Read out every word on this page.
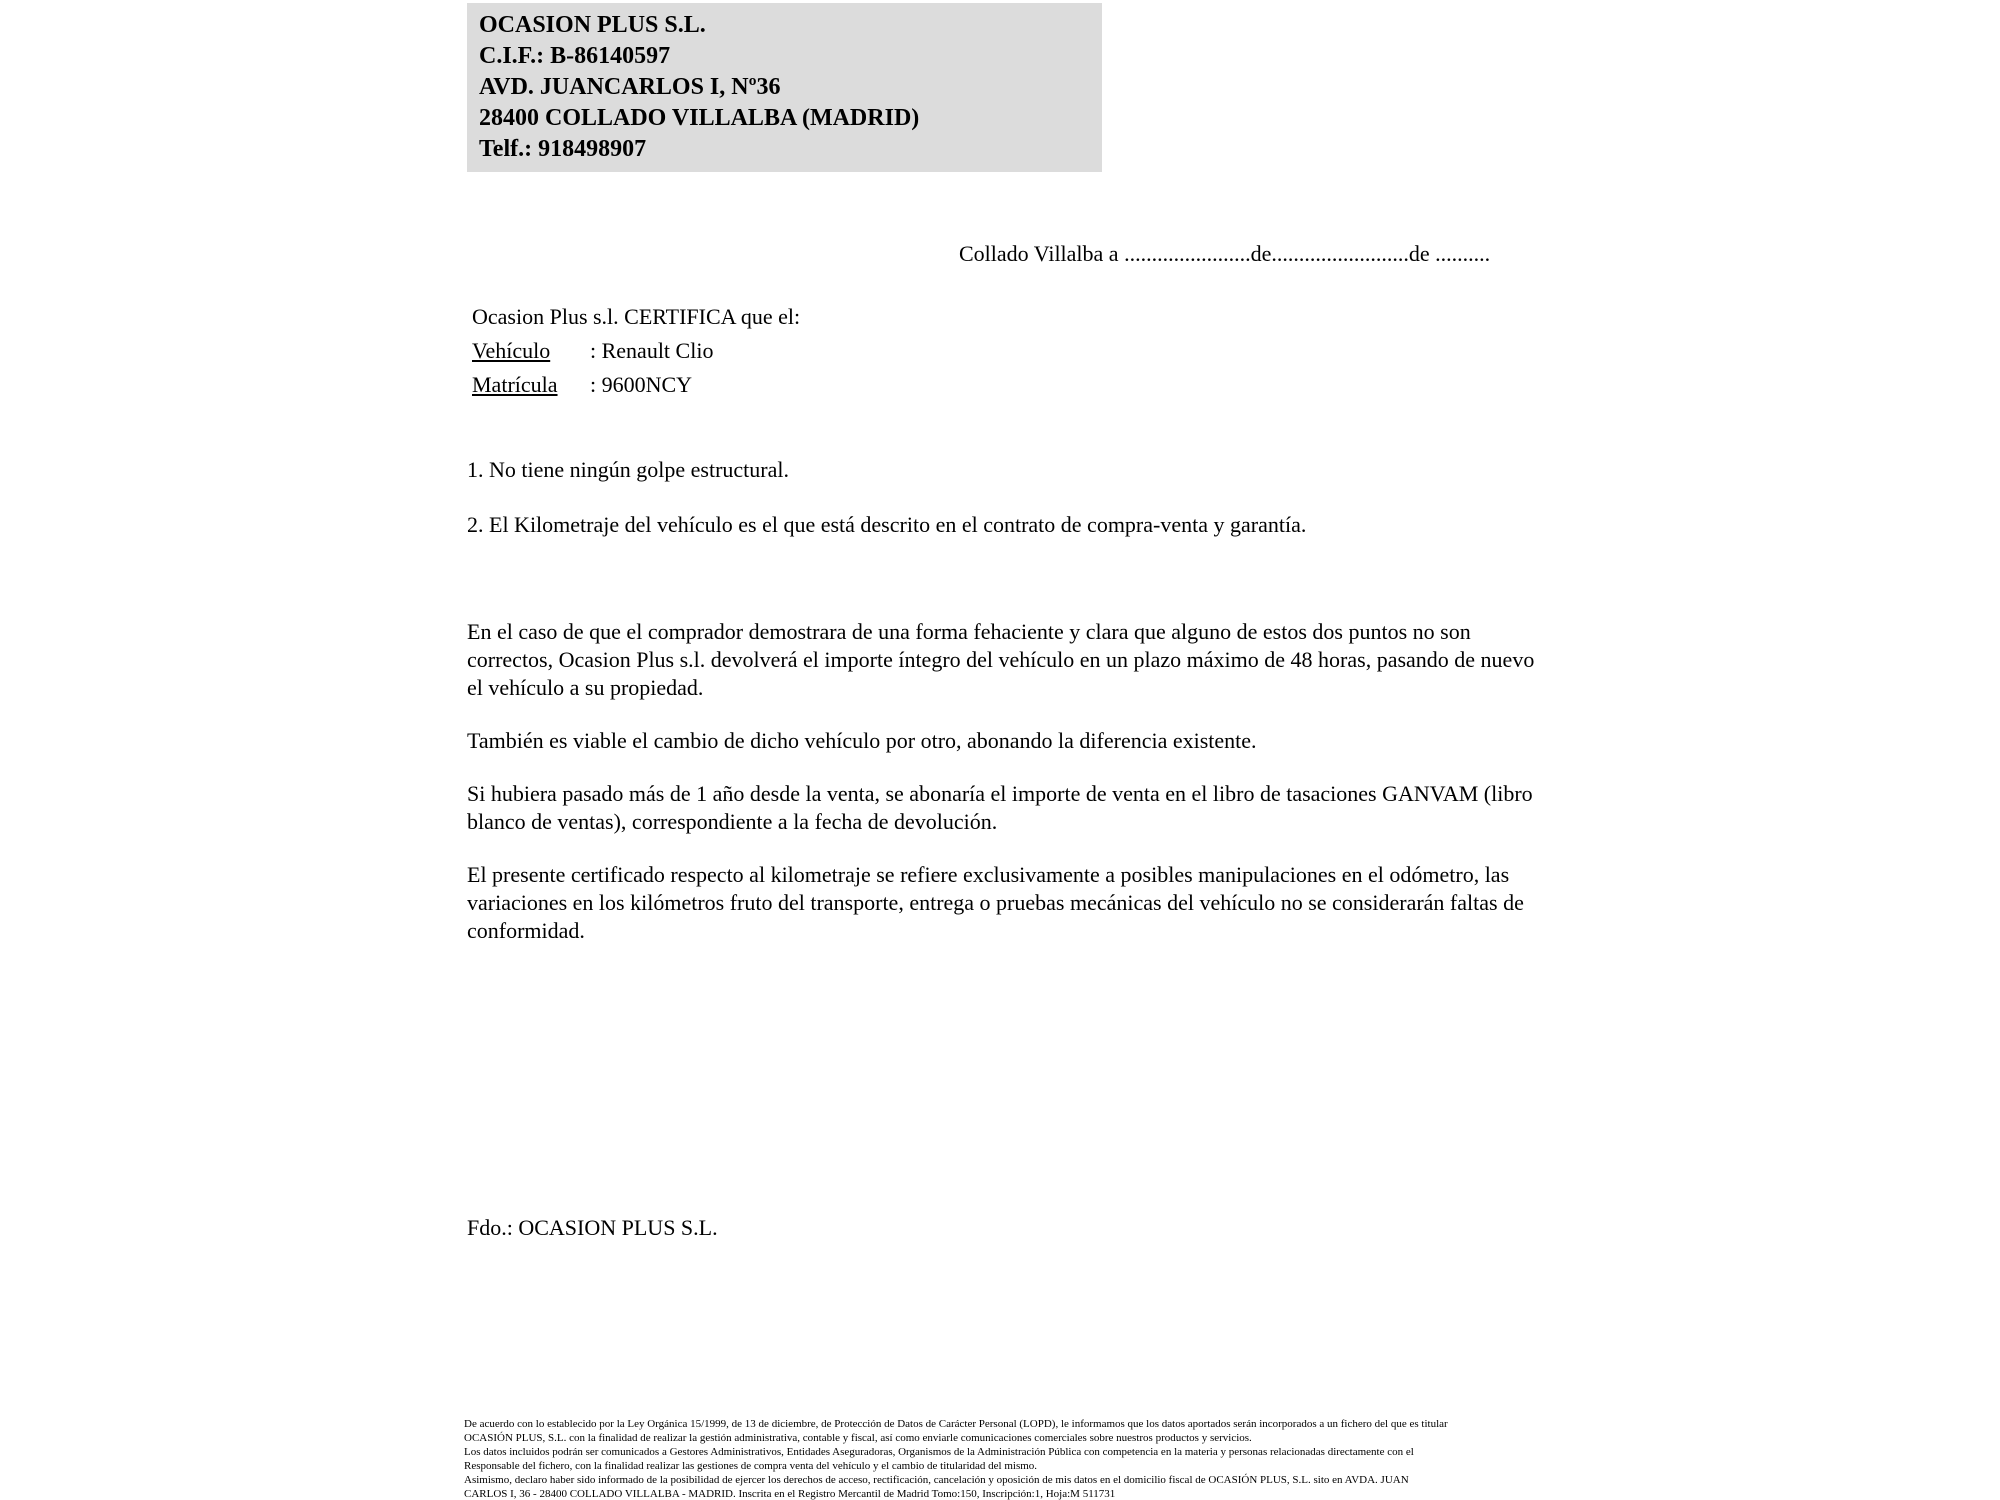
OCASION PLUS S.L.
C.I.F.: B-86140597
AVD. JUANCARLOS I, Nº36
28400 COLLADO VILLALBA (MADRID)
Telf.: 918498907
Collado Villalba a .......................de.........................de ..........
Ocasion Plus s.l. CERTIFICA que el:
Vehículo : Renault Clio
Matrícula : 9600NCY
1. No tiene ningún golpe estructural.
2. El Kilometraje del vehículo es el que está descrito en el contrato de compra-venta y garantía.

En el caso de que el comprador demostrara de una forma fehaciente y clara que alguno de estos dos puntos no son correctos, Ocasion Plus s.l. devolverá el importe íntegro del vehículo en un plazo máximo de 48 horas, pasando de nuevo el vehículo a su propiedad.

También es viable el cambio de dicho vehículo por otro, abonando la diferencia existente.

Si hubiera pasado más de 1 año desde la venta, se abonaría el importe de venta en el libro de tasaciones GANVAM (libro blanco de ventas), correspondiente a la fecha de devolución.

El presente certificado respecto al kilometraje se refiere exclusivamente a posibles manipulaciones en el odómetro, las variaciones en los kilómetros fruto del transporte, entrega o pruebas mecánicas del vehículo no se considerarán faltas de conformidad.

Fdo.: OCASION PLUS S.L.
De acuerdo con lo establecido por la Ley Orgánica 15/1999, de 13 de diciembre, de Protección de Datos de Carácter Personal (LOPD), le informamos que los datos aportados serán incorporados a un fichero del que es titular
OCASIÓN PLUS, S.L. con la finalidad de realizar la gestión administrativa, contable y fiscal, así como enviarle comunicaciones comerciales sobre nuestros productos y servicios.
Los datos incluidos podrán ser comunicados a Gestores Administrativos, Entidades Aseguradoras, Organismos de la Administración Pública con competencia en la materia y personas relacionadas directamente con el
Responsable del fichero, con la finalidad realizar las gestiones de compra venta del vehículo y el cambio de titularidad del mismo.
Asimismo, declaro haber sido informado de la posibilidad de ejercer los derechos de acceso, rectificación, cancelación y oposición de mis datos en el domicilio fiscal de OCASIÓN PLUS, S.L. sito en AVDA. JUAN
CARLOS I, 36 - 28400 COLLADO VILLALBA - MADRID. Inscrita en el Registro Mercantil de Madrid Tomo:150, Inscripción:1, Hoja:M 511731
